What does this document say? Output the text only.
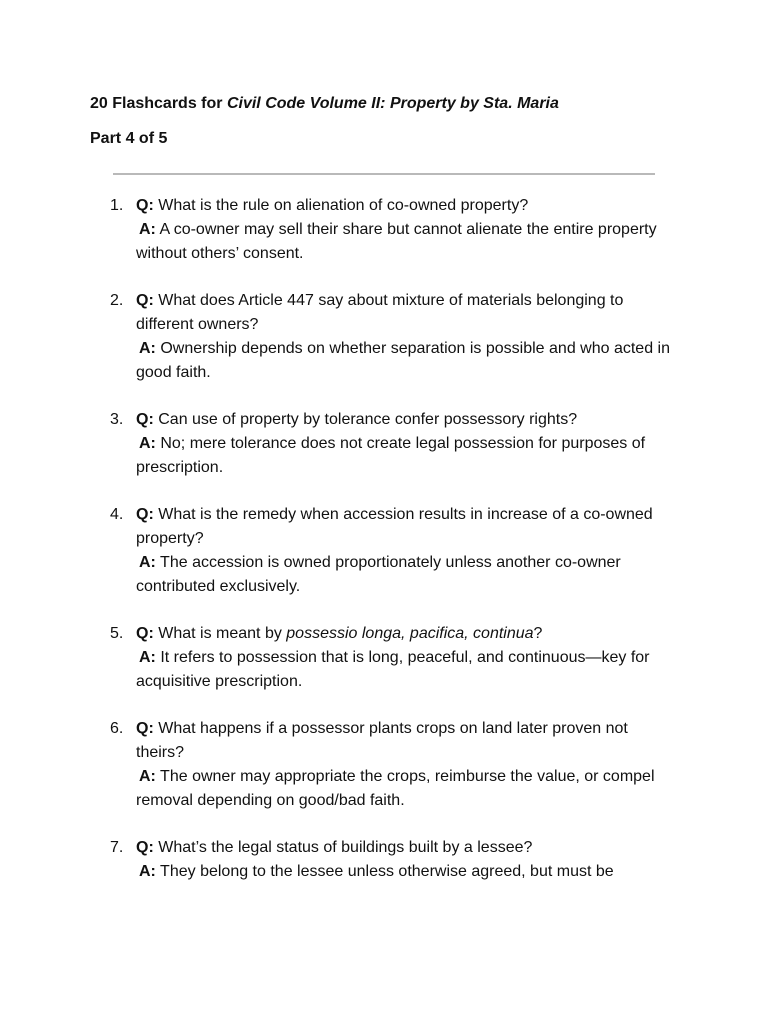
20 Flashcards for Civil Code Volume II: Property by Sta. Maria
Part 4 of 5
1. Q: What is the rule on alienation of co-owned property?
A: A co-owner may sell their share but cannot alienate the entire property without others’ consent.
2. Q: What does Article 447 say about mixture of materials belonging to different owners?
A: Ownership depends on whether separation is possible and who acted in good faith.
3. Q: Can use of property by tolerance confer possessory rights?
A: No; mere tolerance does not create legal possession for purposes of prescription.
4. Q: What is the remedy when accession results in increase of a co-owned property?
A: The accession is owned proportionately unless another co-owner contributed exclusively.
5. Q: What is meant by possessio longa, pacifica, continua?
A: It refers to possession that is long, peaceful, and continuous—key for acquisitive prescription.
6. Q: What happens if a possessor plants crops on land later proven not theirs?
A: The owner may appropriate the crops, reimburse the value, or compel removal depending on good/bad faith.
7. Q: What’s the legal status of buildings built by a lessee?
A: They belong to the lessee unless otherwise agreed, but must be
